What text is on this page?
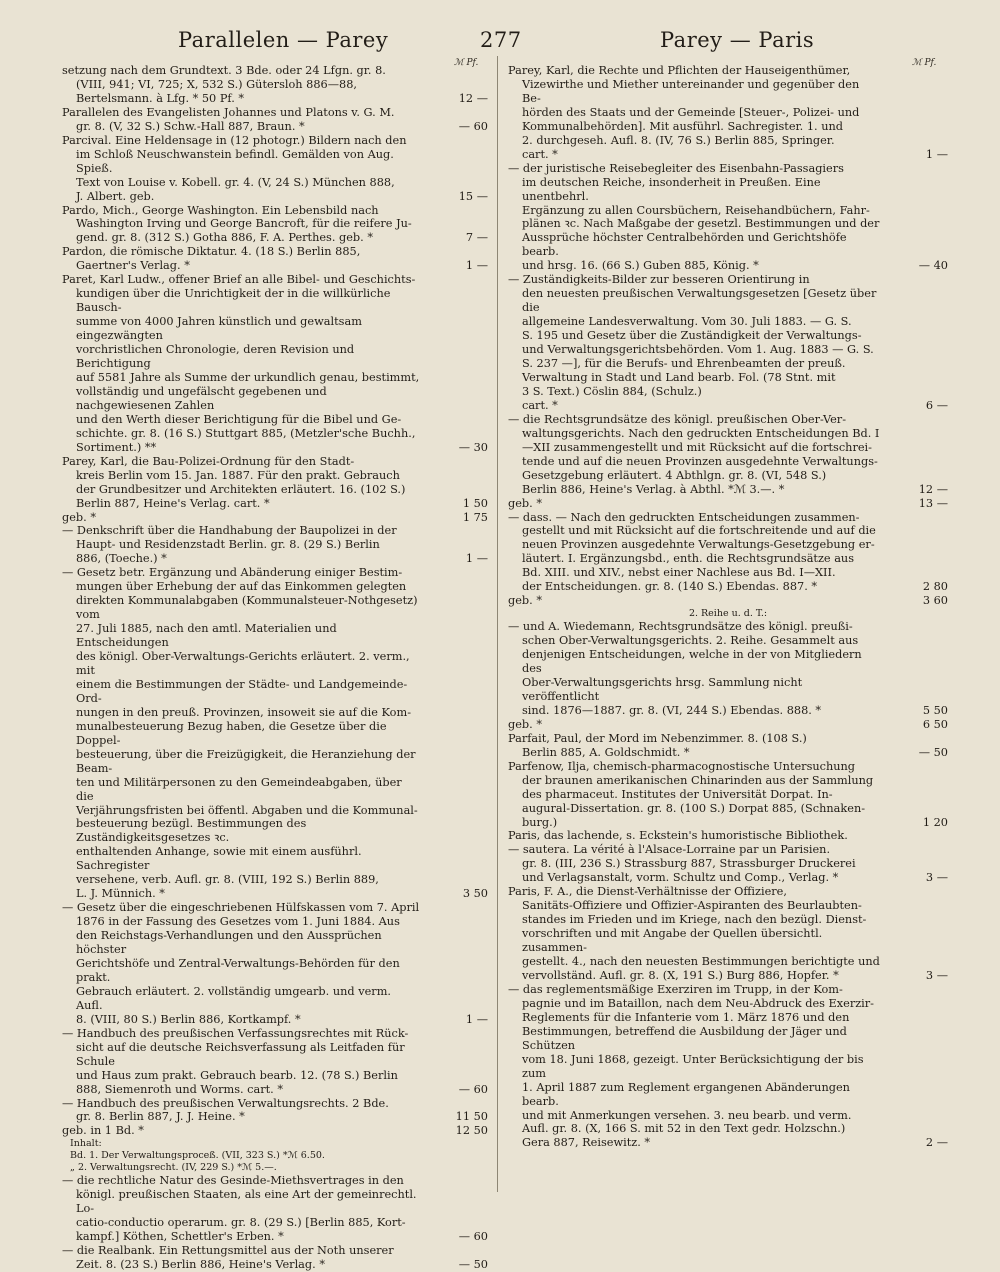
Parallelen — Parey	277	Parey — Paris
ℳ Pf.	ℳ Pf.
setzung nach dem Grundtext. 3 Bde. oder 24 Lfgn. gr. 8.
(VIII, 941; VI, 725; X, 532 S.) Gütersloh 886—88,
Bertelsmann. à Lfg. * 50 Pf. *	12 —
Parallelen des Evangelisten Johannes und Platons v. G. M.
gr. 8. (V, 32 S.) Schw.-Hall 887, Braun. *	— 60
Parcival. Eine Heldensage in (12 photogr.) Bildern nach den
im Schloß Neuschwanstein befindl. Gemälden von Aug. Spieß.
Text von Louise v. Kobell. gr. 4. (V, 24 S.) München 888,
J. Albert. geb.	15 —
Pardo, Mich., George Washington. Ein Lebensbild nach
Washington Irving und George Bancroft, für die reifere Ju-
gend. gr. 8. (312 S.) Gotha 886, F. A. Perthes. geb. *	7 —
Pardon, die römische Diktatur. 4. (18 S.) Berlin 885,
Gaertner's Verlag. *	1 —
Paret, Karl Ludw., offener Brief an alle Bibel- und Geschichts-
kundigen über die Unrichtigkeit der in die willkürliche Bausch-
summe von 4000 Jahren künstlich und gewaltsam eingezwängten
vorchristlichen Chronologie, deren Revision und Berichtigung
auf 5581 Jahre als Summe der urkundlich genau, bestimmt,
vollständig und ungefälscht gegebenen und nachgewiesenen Zahlen
und den Werth dieser Berichtigung für die Bibel und Ge-
schichte. gr. 8. (16 S.) Stuttgart 885, (Metzler'sche Buchh.,
Sortiment.) **	— 30
Parey, Karl, die Bau-Polizei-Ordnung für den Stadt-
kreis Berlin vom 15. Jan. 1887. Für den prakt. Gebrauch
der Grundbesitzer und Architekten erläutert. 16. (102 S.)
Berlin 887, Heine's Verlag. cart. *	1 50
geb. *	1 75
— Denkschrift über die Handhabung der Baupolizei in der
Haupt- und Residenzstadt Berlin. gr. 8. (29 S.) Berlin
886, (Toeche.) *	1 —
— Gesetz betr. Ergänzung und Abänderung einiger Bestim-
mungen über Erhebung der auf das Einkommen gelegten
direkten Kommunalabgaben (Kommunalsteuer-Nothgesetz) vom
27. Juli 1885, nach den amtl. Materialien und Entscheidungen
des königl. Ober-Verwaltungs-Gerichts erläutert. 2. verm., mit
einem die Bestimmungen der Städte- und Landgemeinde-Ord-
nungen in den preuß. Provinzen, insoweit sie auf die Kom-
munalbesteuerung Bezug haben, die Gesetze über die Doppel-
besteuerung, über die Freizügigkeit, die Heranziehung der Beam-
ten und Militärpersonen zu den Gemeindeabgaben, über die
Verjährungsfristen bei öffentl. Abgaben und die Kommunal-
besteuerung bezügl. Bestimmungen des Zuständigkeitsgesetzes ꝛc.
enthaltenden Anhange, sowie mit einem ausführl. Sachregister
versehene, verb. Aufl. gr. 8. (VIII, 192 S.) Berlin 889,
L. J. Münnich. *	3 50
— Gesetz über die eingeschriebenen Hülfskassen vom 7. April
1876 in der Fassung des Gesetzes vom 1. Juni 1884. Aus
den Reichstags-Verhandlungen und den Aussprüchen höchster
Gerichtshöfe und Zentral-Verwaltungs-Behörden für den prakt.
Gebrauch erläutert. 2. vollständig umgearb. und verm. Aufl.
8. (VIII, 80 S.) Berlin 886, Kortkampf. *	1 —
— Handbuch des preußischen Verfassungsrechtes mit Rück-
sicht auf die deutsche Reichsverfassung als Leitfaden für Schule
und Haus zum prakt. Gebrauch bearb. 12. (78 S.) Berlin
888, Siemenroth und Worms. cart. *	— 60
— Handbuch des preußischen Verwaltungsrechts. 2 Bde.
gr. 8. Berlin 887, J. J. Heine. *	11 50
geb. in 1 Bd. *	12 50
Inhalt:
Bd. 1. Der Verwaltungsproceß. (VII, 323 S.) *ℳ 6.50.
„ 2. Verwaltungsrecht. (IV, 229 S.) *ℳ 5.—.
— die rechtliche Natur des Gesinde-Miethsvertrages in den
königl. preußischen Staaten, als eine Art der gemeinrechtl. Lo-
catio-conductio operarum. gr. 8. (29 S.) [Berlin 885, Kort-
kampf.] Köthen, Schettler's Erben. *	— 60
— die Realbank. Ein Rettungsmittel aus der Noth unserer
Zeit. 8. (23 S.) Berlin 886, Heine's Verlag. *	— 50
Parey, Karl, die Rechte und Pflichten der Hauseigenthümer,
Vizewirthe und Miether untereinander und gegenüber den Be-
hörden des Staats und der Gemeinde [Steuer-, Polizei- und
Kommunalbehörden]. Mit ausführl. Sachregister. 1. und
2. durchgeseh. Aufl. 8. (IV, 76 S.) Berlin 885, Springer.
cart. *	1 —
— der juristische Reisebegleiter des Eisenbahn-Passagiers
im deutschen Reiche, insonderheit in Preußen. Eine unentbehrl.
Ergänzung zu allen Coursbüchern, Reisehandbüchern, Fahr-
plänen ꝛc. Nach Maßgabe der gesetzl. Bestimmungen und der
Aussprüche höchster Centralbehörden und Gerichtshöfe bearb.
und hrsg. 16. (66 S.) Guben 885, König. *	— 40
— Zuständigkeits-Bilder zur besseren Orientirung in
den neuesten preußischen Verwaltungsgesetzen [Gesetz über die
allgemeine Landesverwaltung. Vom 30. Juli 1883. — G. S.
S. 195 und Gesetz über die Zuständigkeit der Verwaltungs-
und Verwaltungsgerichtsbehörden. Vom 1. Aug. 1883 — G. S.
S. 237 —], für die Berufs- und Ehrenbeamten der preuß.
Verwaltung in Stadt und Land bearb. Fol. (78 Stnt. mit
3 S. Text.) Cöslin 884, (Schulz.)
cart. *	6 —
— die Rechtsgrundsätze des königl. preußischen Ober-Ver-
waltungsgerichts. Nach den gedruckten Entscheidungen Bd. I
—XII zusammengestellt und mit Rücksicht auf die fortschrei-
tende und auf die neuen Provinzen ausgedehnte Verwaltungs-
Gesetzgebung erläutert. 4 Abthlgn. gr. 8. (VI, 548 S.)
Berlin 886, Heine's Verlag. à Abthl. *ℳ 3.—. *	12 —
geb. *	13 —
— dass. — Nach den gedruckten Entscheidungen zusammen-
gestellt und mit Rücksicht auf die fortschreitende und auf die
neuen Provinzen ausgedehnte Verwaltungs-Gesetzgebung er-
läutert. I. Ergänzungsbd., enth. die Rechtsgrundsätze aus
Bd. XIII. und XIV., nebst einer Nachlese aus Bd. I—XII.
der Entscheidungen. gr. 8. (140 S.) Ebendas. 887. *	2 80
geb. *	3 60
2. Reihe u. d. T.:
— und A. Wiedemann, Rechtsgrundsätze des königl. preußi-
schen Ober-Verwaltungsgerichts. 2. Reihe. Gesammelt aus
denjenigen Entscheidungen, welche in der von Mitgliedern des
Ober-Verwaltungsgerichts hrsg. Sammlung nicht veröffentlicht
sind. 1876—1887. gr. 8. (VI, 244 S.) Ebendas. 888. *	5 50
geb. *	6 50
Parfait, Paul, der Mord im Nebenzimmer. 8. (108 S.)
Berlin 885, A. Goldschmidt. *	— 50
Parfenow, Ilja, chemisch-pharmacognostische Untersuchung
der braunen amerikanischen Chinarinden aus der Sammlung
des pharmaceut. Institutes der Universität Dorpat. In-
augural-Dissertation. gr. 8. (100 S.) Dorpat 885, (Schnaken-
burg.)	1 20
Paris, das lachende, s. Eckstein's humoristische Bibliothek.
— sautera. La vérité à l'Alsace-Lorraine par un Parisien.
gr. 8. (III, 236 S.) Strassburg 887, Strassburger Druckerei
und Verlagsanstalt, vorm. Schultz und Comp., Verlag. *	3 —
Paris, F. A., die Dienst-Verhältnisse der Offiziere,
Sanitäts-Offiziere und Offizier-Aspiranten des Beurlaubten-
standes im Frieden und im Kriege, nach den bezügl. Dienst-
vorschriften und mit Angabe der Quellen übersichtl. zusammen-
gestellt. 4., nach den neuesten Bestimmungen berichtigte und
vervollständ. Aufl. gr. 8. (X, 191 S.) Burg 886, Hopfer. *	3 —
— das reglementsmäßige Exerziren im Trupp, in der Kom-
pagnie und im Bataillon, nach dem Neu-Abdruck des Exerzir-
Reglements für die Infanterie vom 1. März 1876 und den
Bestimmungen, betreffend die Ausbildung der Jäger und Schützen
vom 18. Juni 1868, gezeigt. Unter Berücksichtigung der bis zum
1. April 1887 zum Reglement ergangenen Abänderungen bearb.
und mit Anmerkungen versehen. 3. neu bearb. und verm.
Aufl. gr. 8. (X, 166 S. mit 52 in den Text gedr. Holzschn.)
Gera 887, Reisewitz. *	2 —
